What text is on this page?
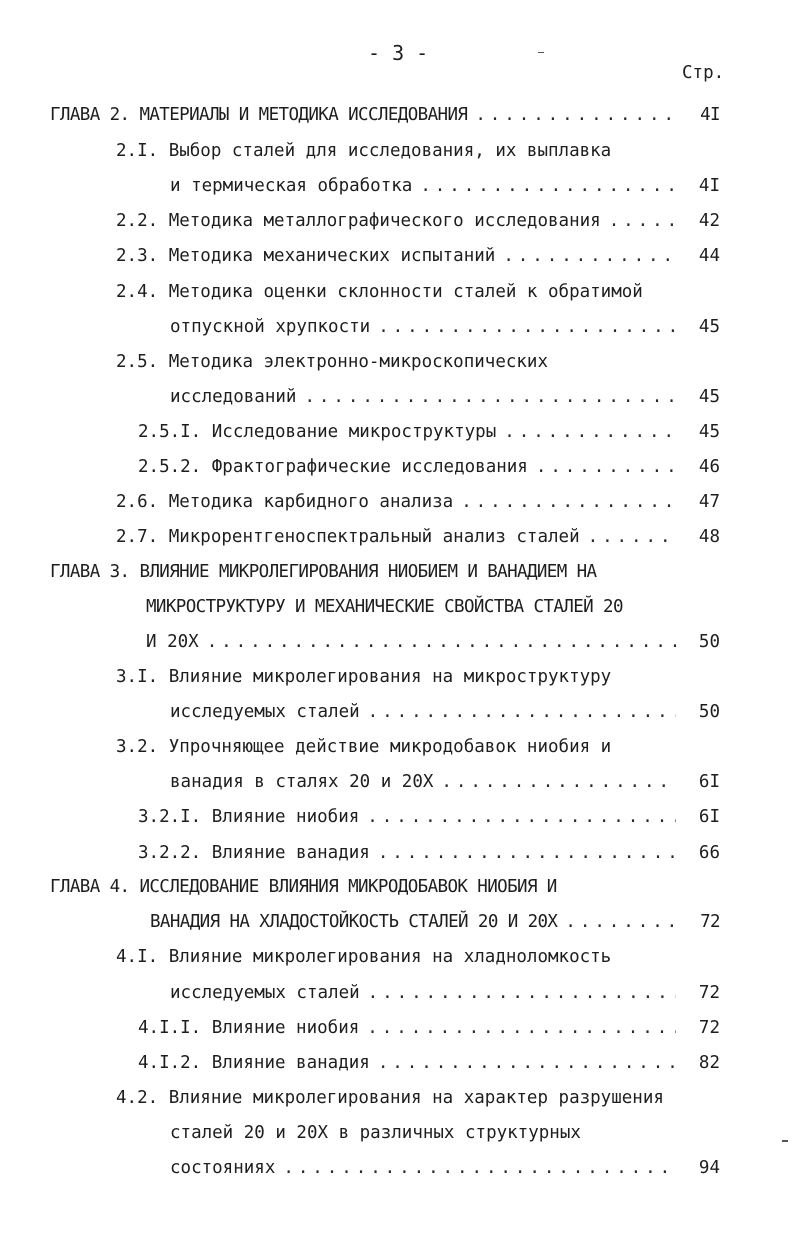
- 3 -
Стр.
ГЛАВА 2. МАТЕРИАЛЫ И МЕТОДИКА ИССЛЕДОВАНИЯ . . .	4I
2.I. Выбор сталей для исследования, их выплавка
и термическая обработка . . .	4I
2.2. Методика металлографического исследования . . .	42
2.3. Методика механических испытаний . . .	44
2.4. Методика оценки склонности сталей к обратимой
отпускной хрупкости . . .	45
2.5. Методика электронно-микроскопических
исследований . . .	45
2.5.I. Исследование микроструктуры . . .	45
2.5.2. Фрактографические исследования . . .	46
2.6. Методика карбидного анализа . . .	47
2.7. Микрорентгеноспектральный анализ сталей . . .	48
ГЛАВА 3. ВЛИЯНИЕ МИКРОЛЕГИРОВАНИЯ НИОБИЕМ И ВАНАДИЕМ НА
МИКРОСТРУКТУРУ И МЕХАНИЧЕСКИЕ СВОЙСТВА СТАЛЕЙ 20
И 20Х . . .	50
3.I. Влияние микролегирования на микроструктуру
исследуемых сталей . . .	50
3.2. Упрочняющее действие микродобавок ниобия и
ванадия в сталях 20 и 20Х . . .	6I
3.2.I. Влияние ниобия . . .	6I
3.2.2. Влияние ванадия . . .	66
ГЛАВА 4. ИССЛЕДОВАНИЕ ВЛИЯНИЯ МИКРОДОБАВОК НИОБИЯ И
ВАНАДИЯ НА ХЛАДОСТОЙКОСТЬ СТАЛЕЙ 20 И 20Х . . .	72
4.I. Влияние микролегирования на хладноломкость
исследуемых сталей . . .	72
4.I.I. Влияние ниобия . . .	72
4.I.2. Влияние ванадия . . .	82
4.2. Влияние микролегирования на характер разрушения
сталей 20 и 20Х в различных структурных
состояниях . . .	94
